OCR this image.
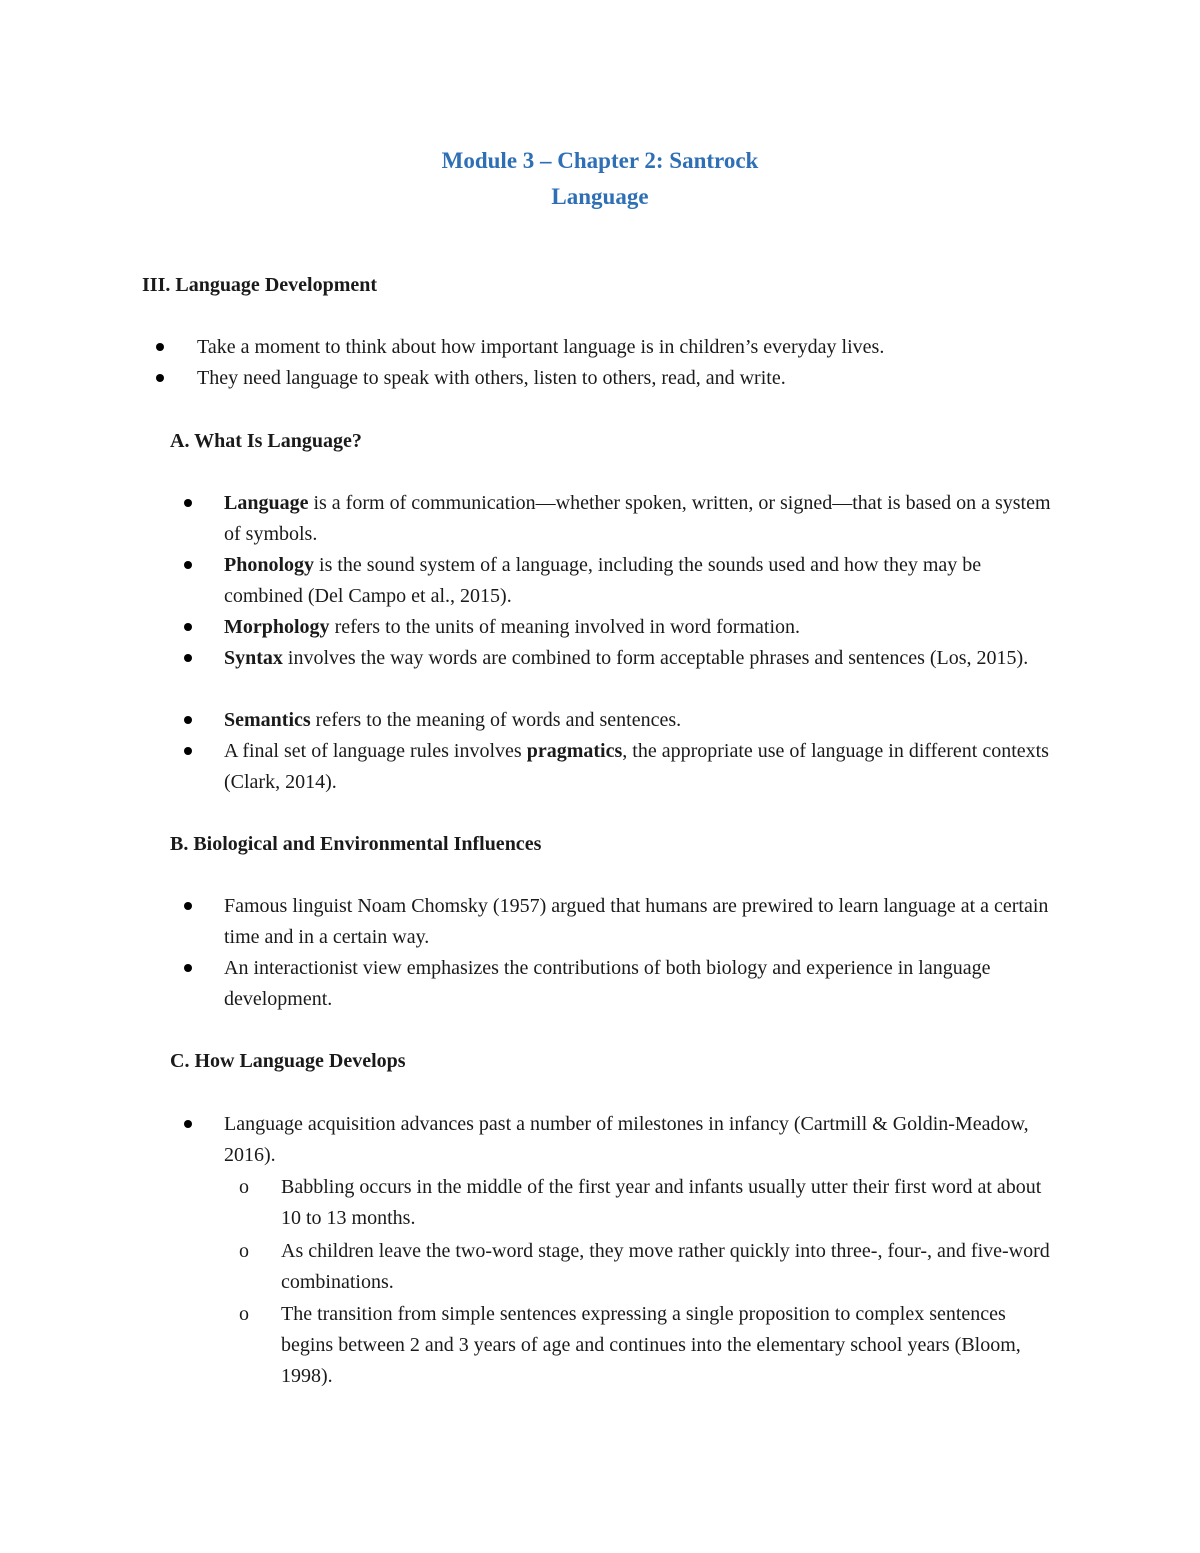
Module 3 – Chapter 2: Santrock
Language
III. Language Development
Take a moment to think about how important language is in children’s everyday lives.
They need language to speak with others, listen to others, read, and write.
A. What Is Language?
Language is a form of communication—whether spoken, written, or signed—that is based on a system of symbols.
Phonology is the sound system of a language, including the sounds used and how they may be combined (Del Campo et al., 2015).
Morphology refers to the units of meaning involved in word formation.
Syntax involves the way words are combined to form acceptable phrases and sentences (Los, 2015).
Semantics refers to the meaning of words and sentences.
A final set of language rules involves pragmatics, the appropriate use of language in different contexts (Clark, 2014).
B. Biological and Environmental Influences
Famous linguist Noam Chomsky (1957) argued that humans are prewired to learn language at a certain time and in a certain way.
An interactionist view emphasizes the contributions of both biology and experience in language development.
C. How Language Develops
Language acquisition advances past a number of milestones in infancy (Cartmill & Goldin-Meadow, 2016).
o Babbling occurs in the middle of the first year and infants usually utter their first word at about 10 to 13 months.
o As children leave the two-word stage, they move rather quickly into three-, four-, and five-word combinations.
o The transition from simple sentences expressing a single proposition to complex sentences begins between 2 and 3 years of age and continues into the elementary school years (Bloom, 1998).
